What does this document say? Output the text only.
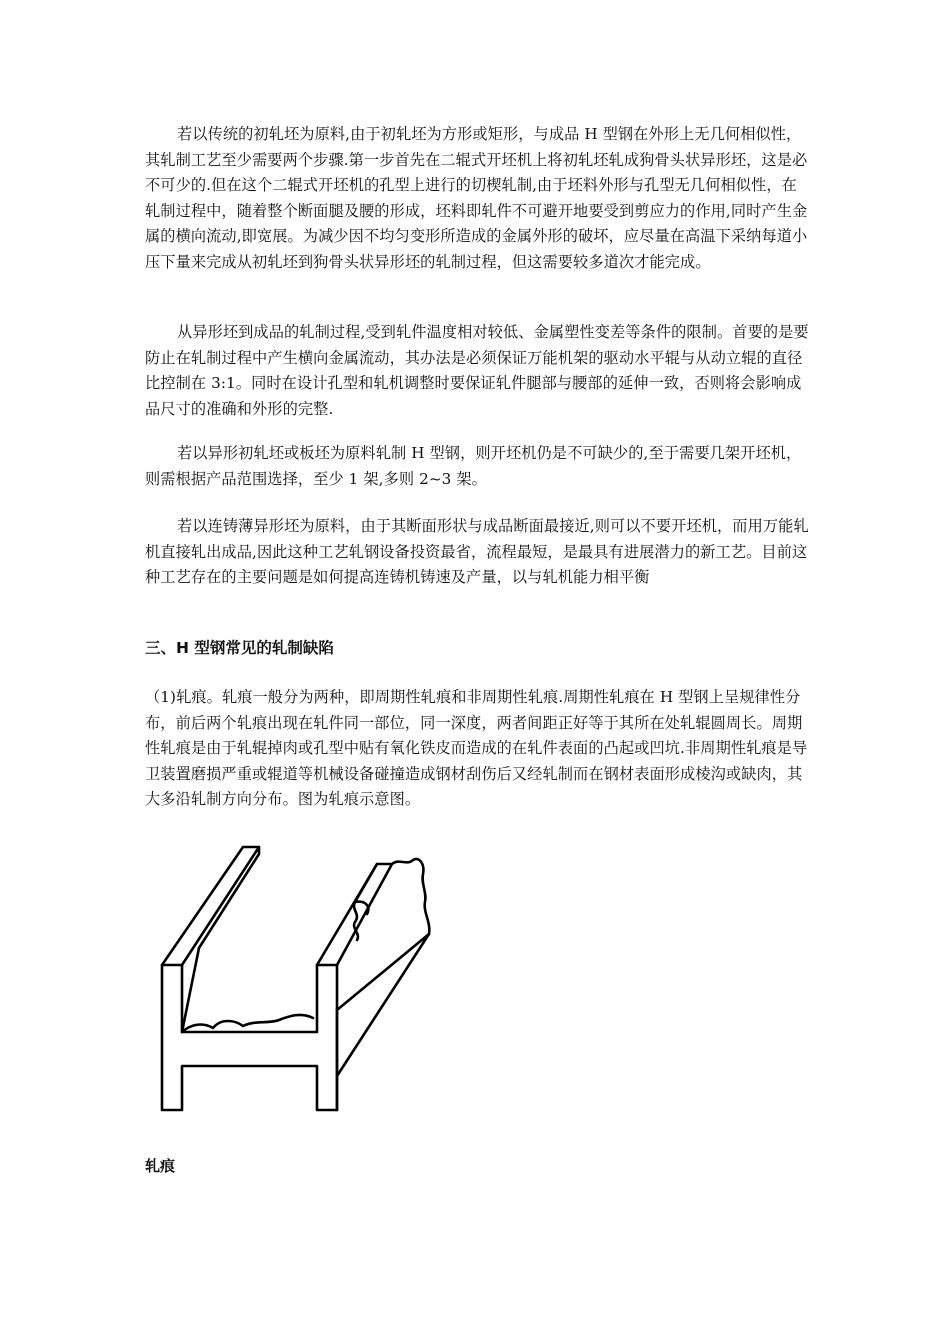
若以传统的初轧坯为原料,由于初轧坯为方形或矩形，与成品 H 型钢在外形上无几何相似性，其轧制工艺至少需要两个步骤.第一步首先在二辊式开坯机上将初轧坯轧成狗骨头状异形坯，这是必不可少的.但在这个二辊式开坯机的孔型上进行的切楔轧制,由于坯料外形与孔型无几何相似性，在轧制过程中，随着整个断面腿及腰的形成，坯料即轧件不可避开地要受到剪应力的作用,同时产生金属的横向流动,即宽展。为减少因不均匀变形所造成的金属外形的破坏，应尽量在高温下采纳每道小压下量来完成从初轧坯到狗骨头状异形坯的轧制过程，但这需要较多道次才能完成。

从异形坯到成品的轧制过程,受到轧件温度相对较低、金属塑性变差等条件的限制。首要的是要防止在轧制过程中产生横向金属流动，其办法是必须保证万能机架的驱动水平辊与从动立辊的直径比控制在 3:1。同时在设计孔型和轧机调整时要保证轧件腿部与腰部的延伸一致，否则将会影响成品尺寸的准确和外形的完整.

若以异形初轧坯或板坯为原料轧制 H 型钢，则开坯机仍是不可缺少的,至于需要几架开坯机，则需根据产品范围选择，至少 1 架,多则 2~3 架。

若以连铸薄异形坯为原料，由于其断面形状与成品断面最接近,则可以不要开坯机，而用万能轧机直接轧出成品,因此这种工艺轧钢设备投资最省，流程最短，是最具有进展潜力的新工艺。目前这种工艺存在的主要问题是如何提高连铸机铸速及产量，以与轧机能力相平衡

三、H 型钢常见的轧制缺陷

（1)轧痕。轧痕一般分为两种，即周期性轧痕和非周期性轧痕.周期性轧痕在 H 型钢上呈规律性分布，前后两个轧痕出现在轧件同一部位，同一深度，两者间距正好等于其所在处轧辊圆周长。周期性轧痕是由于轧辊掉肉或孔型中贴有氧化铁皮而造成的在轧件表面的凸起或凹坑.非周期性轧痕是导卫装置磨损严重或辊道等机械设备碰撞造成钢材刮伤后又经轧制而在钢材表面形成棱沟或缺肉，其大多沿轧制方向分布。图为轧痕示意图。

轧痕
